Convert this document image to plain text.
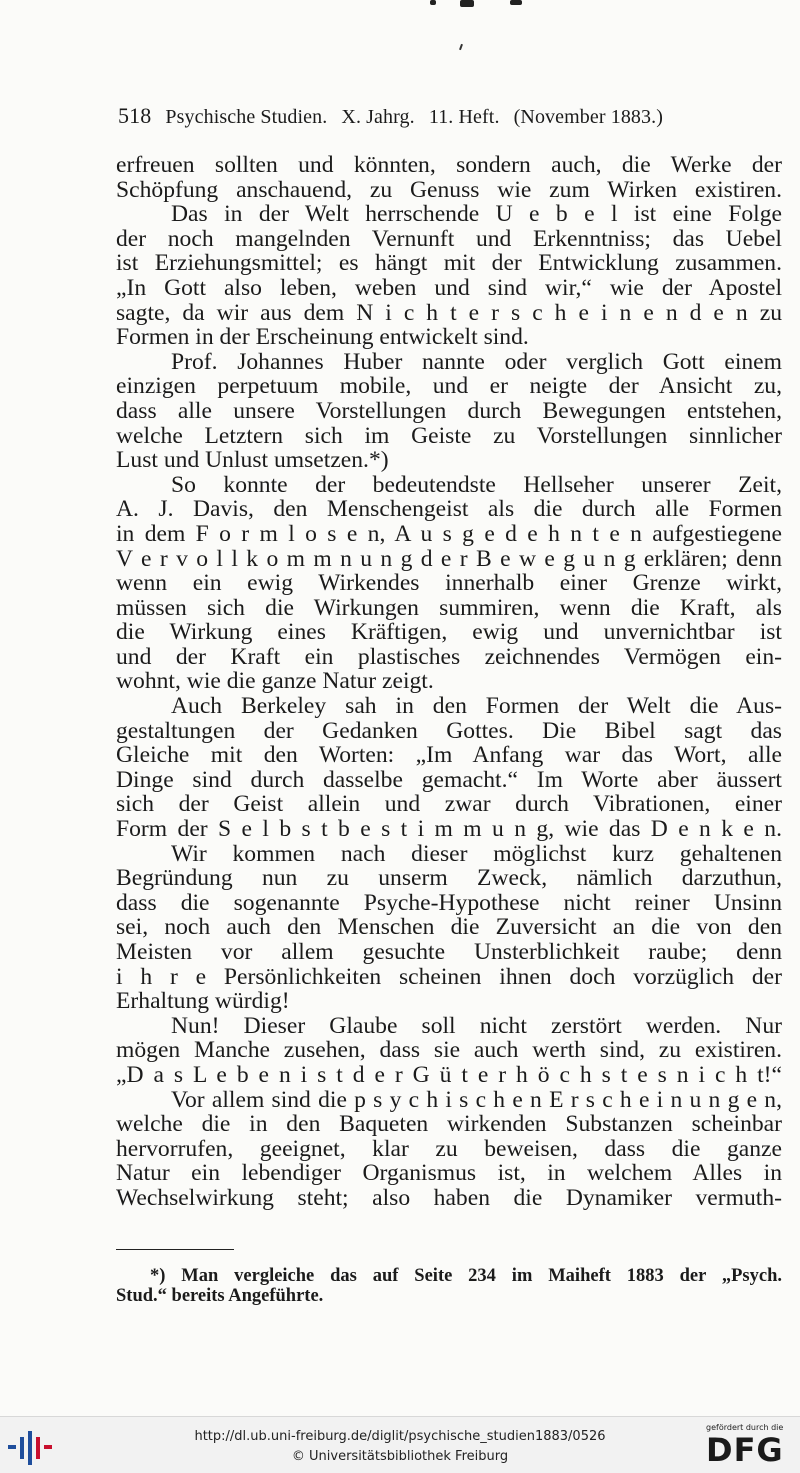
518 Psychische Studien. X. Jahrg. 11. Heft. (November 1883.)
erfreuen sollten und könnten, sondern auch, die Werke der
Schöpfung anschauend, zu Genuss wie zum Wirken existiren.
Das in der Welt herrschende U e b e l ist eine Folge
der noch mangelnden Vernunft und Erkenntniss; das Uebel
ist Erziehungsmittel; es hängt mit der Entwicklung zusammen.
„In Gott also leben, weben und sind wir,“ wie der Apostel
sagte, da wir aus dem N i c h t e r s c h e i n e n d e n zu
Formen in der Erscheinung entwickelt sind.
Prof. Johannes Huber nannte oder verglich Gott einem
einzigen perpetuum mobile, und er neigte der Ansicht zu,
dass alle unsere Vorstellungen durch Bewegungen entstehen,
welche Letztern sich im Geiste zu Vorstellungen sinnlicher
Lust und Unlust umsetzen.*)
So konnte der bedeutendste Hellseher unserer Zeit,
A. J. Davis, den Menschengeist als die durch alle Formen
in dem F o r m l o s e n, A u s g e d e h n t e n aufgestiegene
V e r v o l l k o m m n u n g d e r B e w e g u n g erklären; denn
wenn ein ewig Wirkendes innerhalb einer Grenze wirkt,
müssen sich die Wirkungen summiren, wenn die Kraft, als
die Wirkung eines Kräftigen, ewig und unvernichtbar ist
und der Kraft ein plastisches zeichnendes Vermögen ein-
wohnt, wie die ganze Natur zeigt.
Auch Berkeley sah in den Formen der Welt die Aus-
gestaltungen der Gedanken Gottes. Die Bibel sagt das
Gleiche mit den Worten: „Im Anfang war das Wort, alle
Dinge sind durch dasselbe gemacht.“ Im Worte aber äussert
sich der Geist allein und zwar durch Vibrationen, einer
Form der S e l b s t b e s t i m m u n g, wie das D e n k e n.
Wir kommen nach dieser möglichst kurz gehaltenen
Begründung nun zu unserm Zweck, nämlich darzuthun,
dass die sogenannte Psyche-Hypothese nicht reiner Unsinn
sei, noch auch den Menschen die Zuversicht an die von den
Meisten vor allem gesuchte Unsterblichkeit raube; denn
i h r e Persönlichkeiten scheinen ihnen doch vorzüglich der
Erhaltung würdig!
Nun! Dieser Glaube soll nicht zerstört werden. Nur
mögen Manche zusehen, dass sie auch werth sind, zu existiren.
„D a s L e b e n i s t d e r G ü t e r h ö c h s t e s n i c h t!“
Vor allem sind die p s y c h i s c h e n E r s c h e i n u n g e n,
welche die in den Baqueten wirkenden Substanzen scheinbar
hervorrufen, geeignet, klar zu beweisen, dass die ganze
Natur ein lebendiger Organismus ist, in welchem Alles in
Wechselwirkung steht; also haben die Dynamiker vermuth-
*) Man vergleiche das auf Seite 234 im Maiheft 1883 der „Psych.
Stud.“ bereits Angeführte.
http://dl.ub.uni-freiburg.de/diglit/psychische_studien1883/0526
© Universitätsbibliothek Freiburg
gefördert durch die
DFG
